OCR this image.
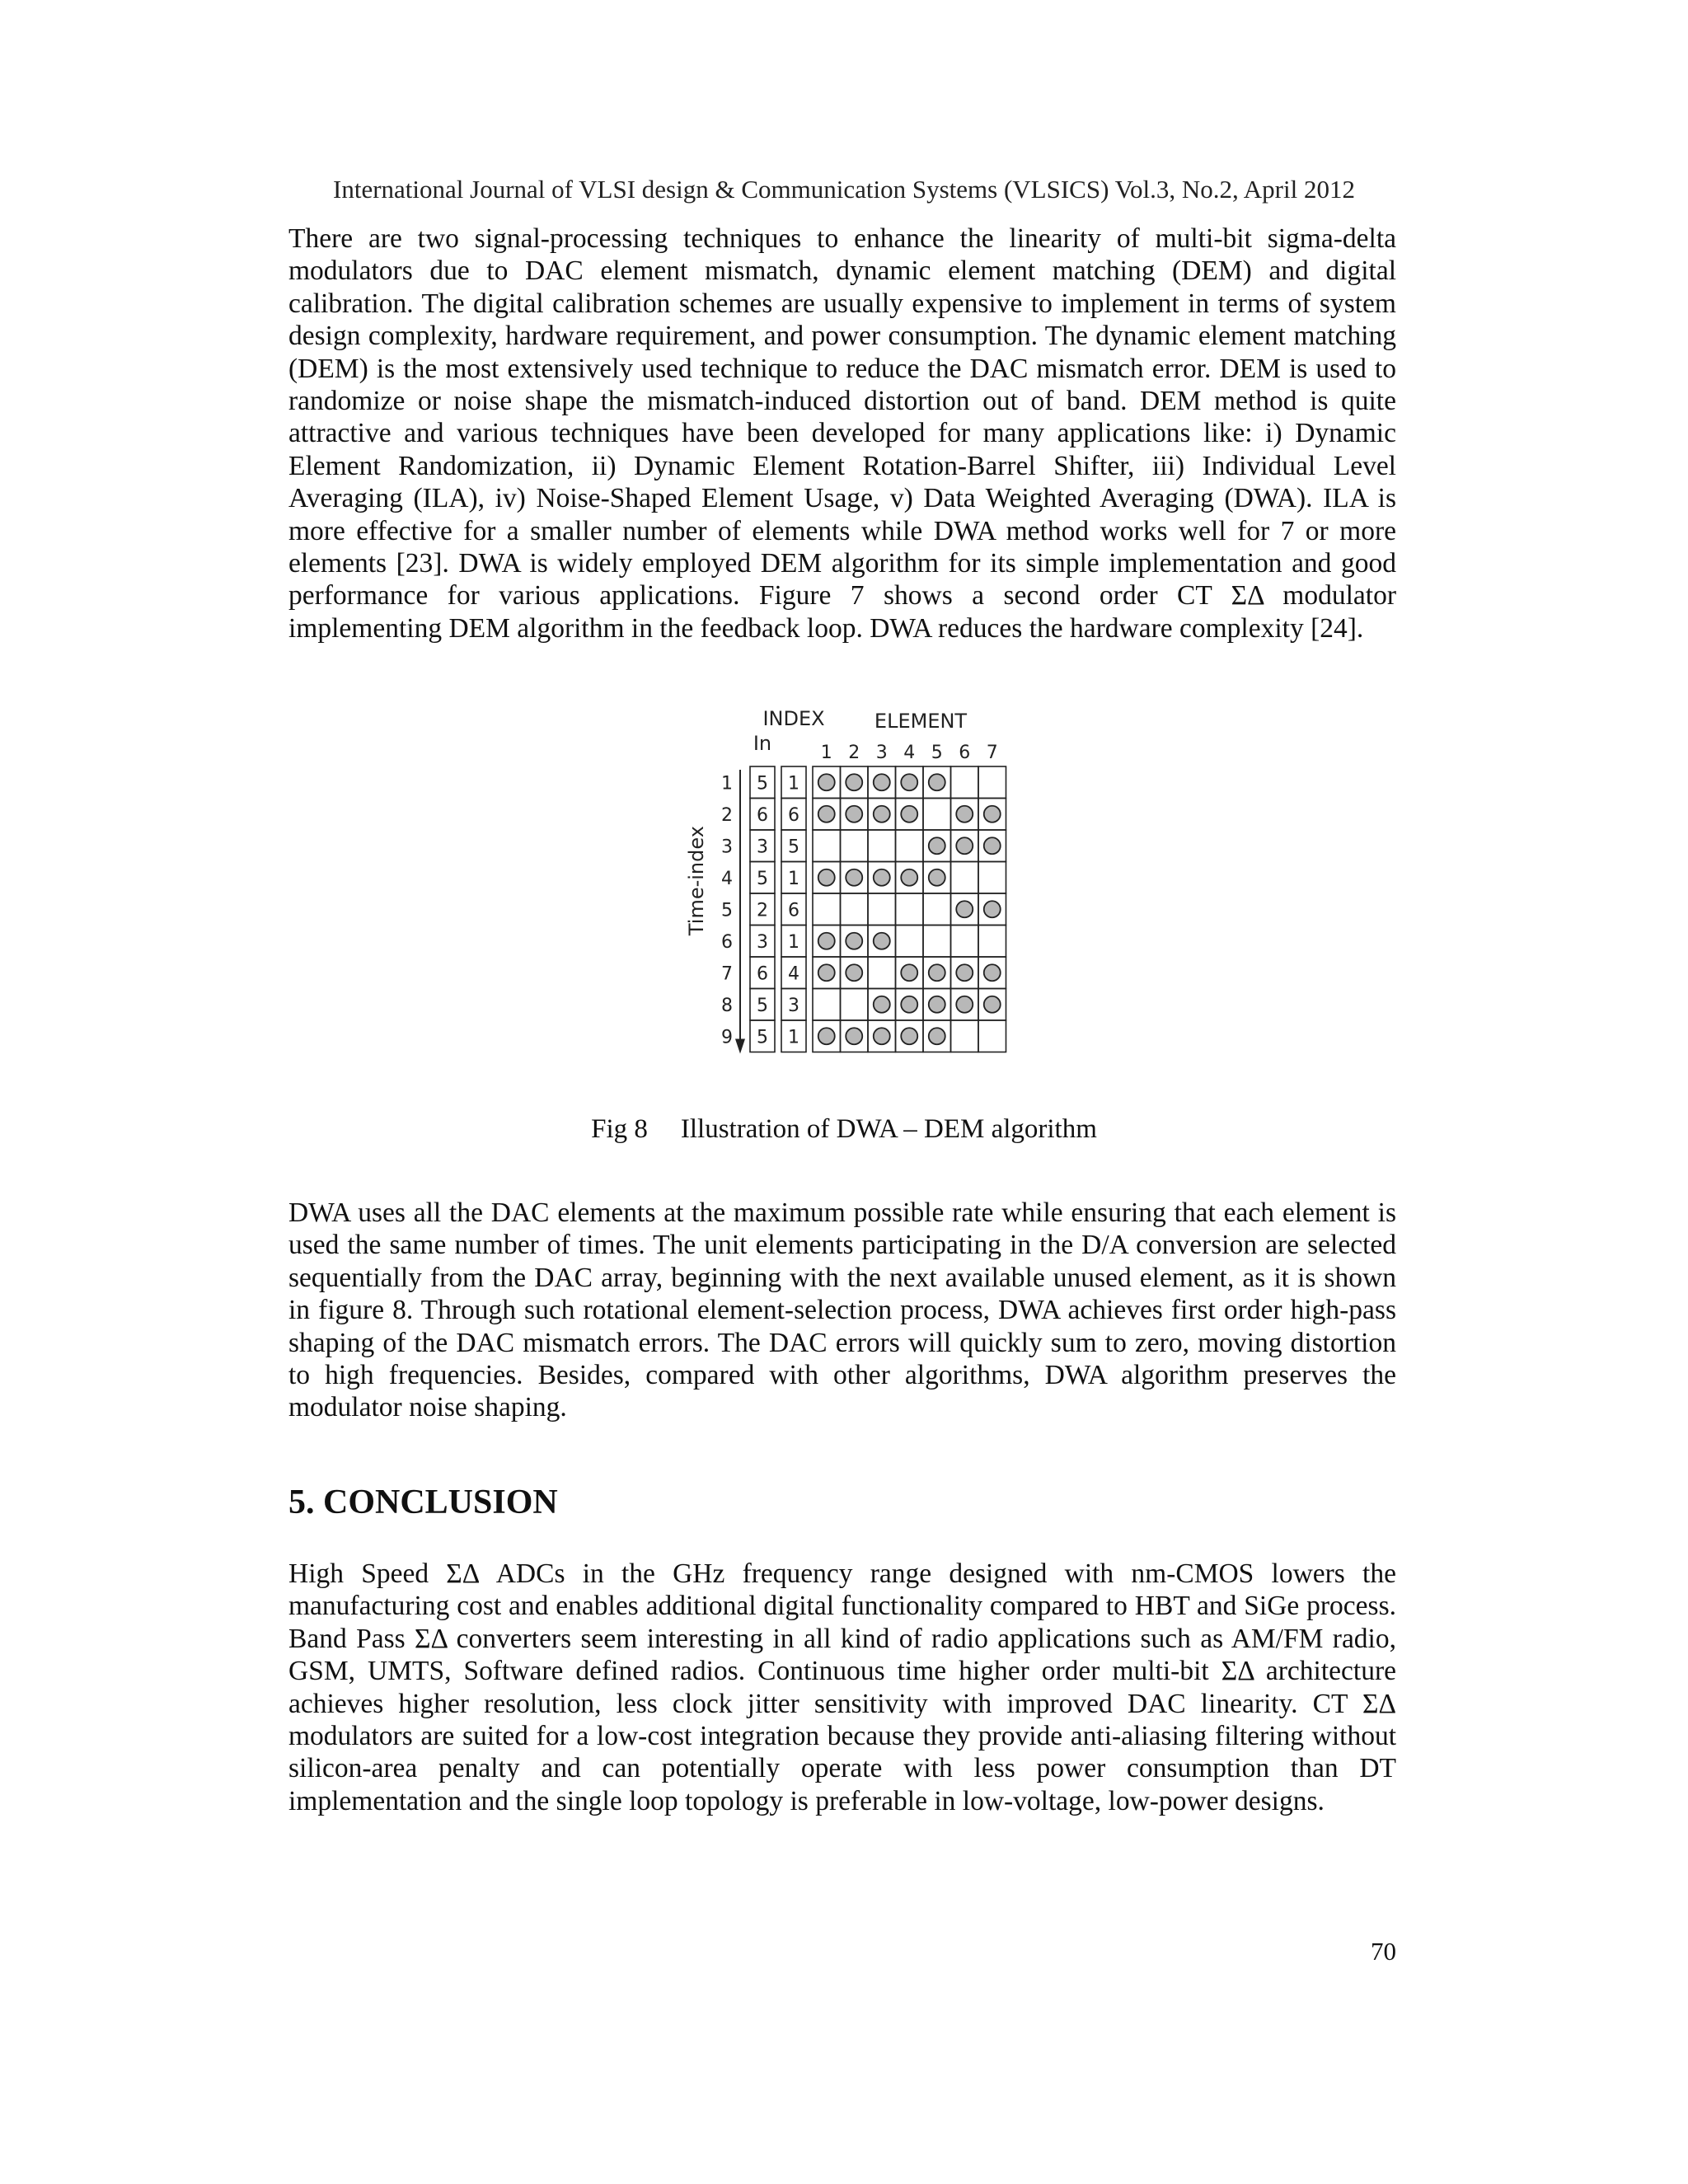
International Journal of VLSI design & Communication Systems (VLSICS) Vol.3, No.2, April 2012

There are two signal-processing techniques to enhance the linearity of multi-bit sigma-delta modulators due to DAC element mismatch, dynamic element matching (DEM) and digital calibration. The digital calibration schemes are usually expensive to implement in terms of system design complexity, hardware requirement, and power consumption. The dynamic element matching (DEM) is the most extensively used technique to reduce the DAC mismatch error. DEM is used to randomize or noise shape the mismatch-induced distortion out of band. DEM method is quite attractive and various techniques have been developed for many applications like: i) Dynamic Element Randomization, ii) Dynamic Element Rotation-Barrel Shifter, iii) Individual Level Averaging (ILA), iv) Noise-Shaped Element Usage, v) Data Weighted Averaging (DWA). ILA is more effective for a smaller number of elements while DWA method works well for 7 or more elements [23]. DWA is widely employed DEM algorithm for its simple implementation and good performance for various applications. Figure 7 shows a second order CT ΣΔ modulator implementing DEM algorithm in the feedback loop. DWA reduces the hardware complexity [24].

INDEX	ELEMENT
In	1 2 3 4 5 6 7
Time-index
1
2
3
4
5
6
7
8
9
5 1
6 6
3 5
5 1
2 6
3 1
6 4
5 3
5 1
Fig 8 Illustration of DWA – DEM algorithm

DWA uses all the DAC elements at the maximum possible rate while ensuring that each element is used the same number of times. The unit elements participating in the D/A conversion are selected sequentially from the DAC array, beginning with the next available unused element, as it is shown in figure 8. Through such rotational element-selection process, DWA achieves first order high-pass shaping of the DAC mismatch errors. The DAC errors will quickly sum to zero, moving distortion to high frequencies. Besides, compared with other algorithms, DWA algorithm preserves the modulator noise shaping.

5. CONCLUSION

High Speed ΣΔ ADCs in the GHz frequency range designed with nm-CMOS lowers the manufacturing cost and enables additional digital functionality compared to HBT and SiGe process. Band Pass ΣΔ converters seem interesting in all kind of radio applications such as AM/FM radio, GSM, UMTS, Software defined radios. Continuous time higher order multi-bit ΣΔ architecture achieves higher resolution, less clock jitter sensitivity with improved DAC linearity. CT ΣΔ modulators are suited for a low-cost integration because they provide anti-aliasing filtering without silicon-area penalty and can potentially operate with less power consumption than DT implementation and the single loop topology is preferable in low-voltage, low-power designs.

70
